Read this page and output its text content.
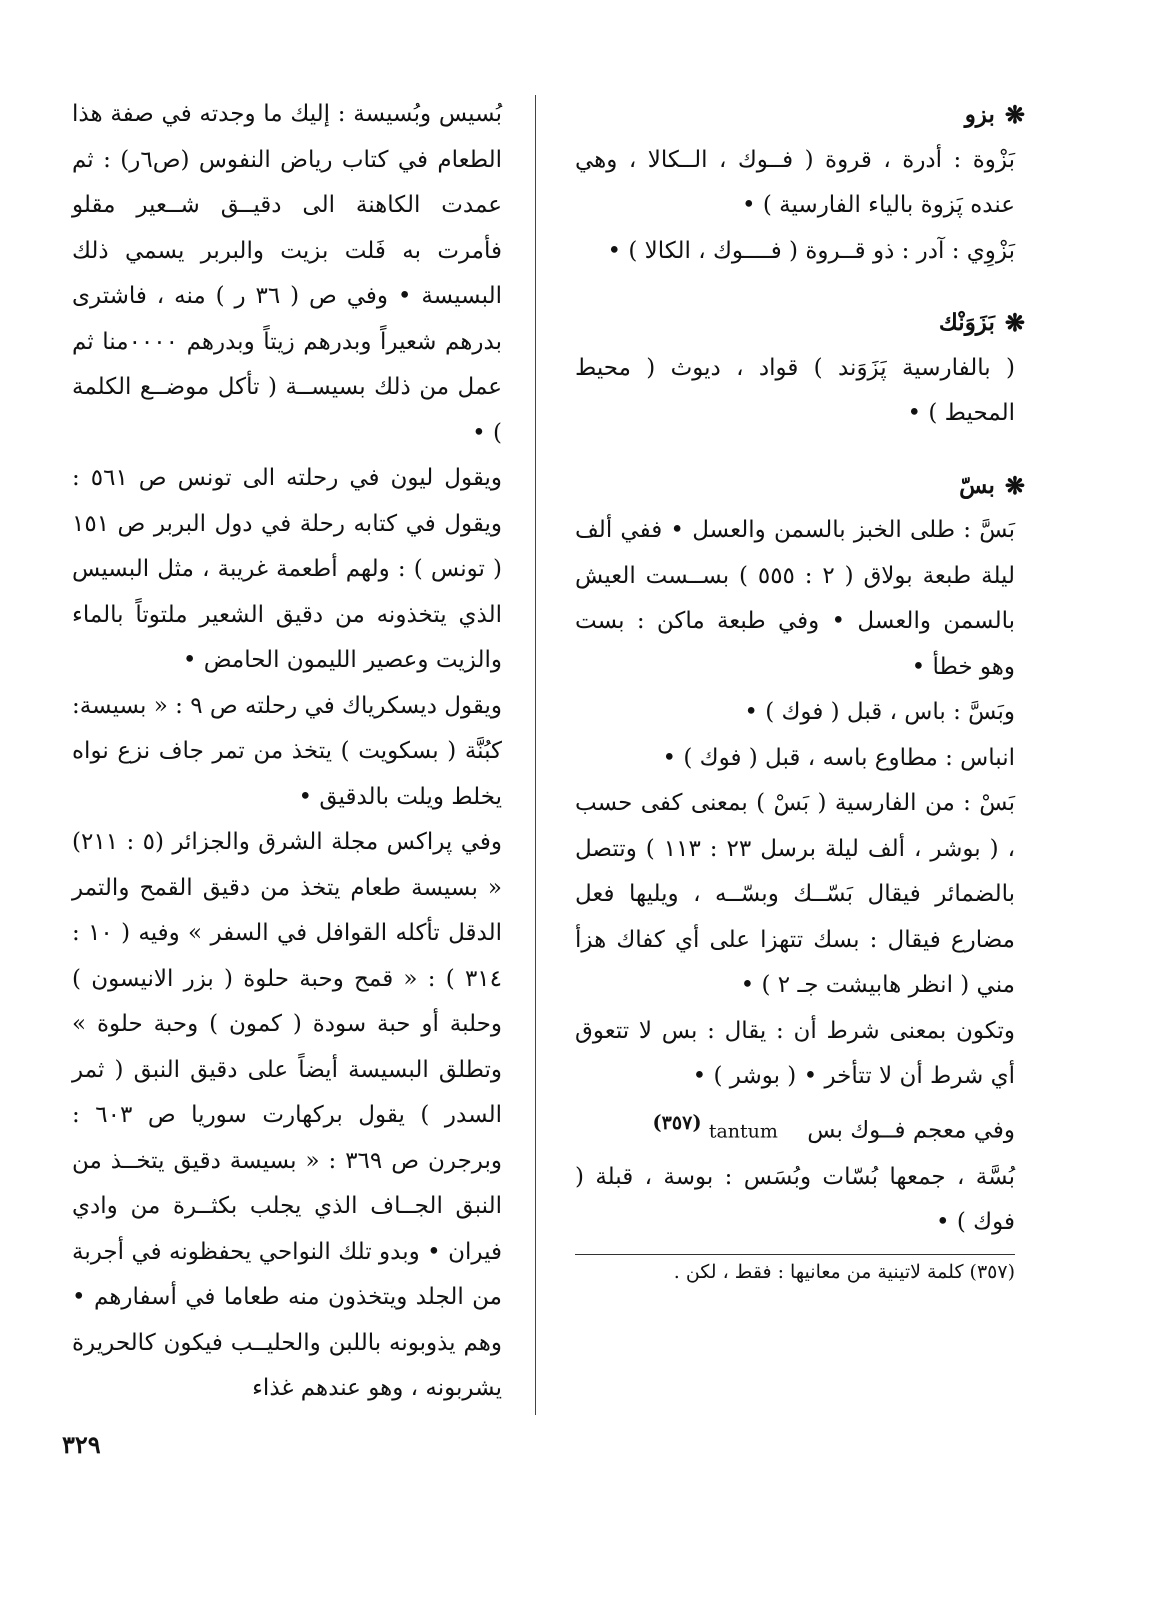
❋
بزو

بَزْوة : أدرة ، قروة ( فــوك ، الــكالا ، وهي عنده پَزوة بالياء الفارسية ) •

بَزْوِي : آدر : ذو قــروة ( فــــوك ، الكالا ) •

❋
بَزَوَنْك

( بالفارسية پَزَوَند ) قواد ، ديوث ( محيط المحيط ) •

❋
بسّ

بَسَّ : طلى الخبز بالسمن والعسل • ففي ألف ليلة طبعة بولاق ( ٢ : ٥٥٥ ) بســست العيش بالسمن والعسل • وفي طبعة ماكن : بست وهو خطأ •

وبَسَّ : باس ، قبل ( فوك ) •

انباس : مطاوع باسه ، قبل ( فوك ) •

بَسْ : من الفارسية ( بَسْ ) بمعنى كفى حسب ، ( بوشر ، ألف ليلة برسل ٢٣ : ١١٣ ) وتتصل بالضمائر فيقال بَسّــك وبسّــه ، ويليها فعل مضارع فيقال : بسك تتهزا على أي كفاك هزأ مني ( انظر هابيشت جـ ٢ ) •

وتكون بمعنى شرط أن : يقال : بس لا تتعوق أي شرط أن لا تتأخر • ( بوشر ) •

وفي معجم فــوك بس    tantum $^{(٣٥٧)}$
بُسَّة ، جمعها بُسّات وبُسَس : بوسة ، قبلة ( فوك ) •

(٣٥٧) كلمة لاتينية من معانيها : فقط ، لكن .

بُسيس وبُسيسة : إليك ما وجدته في صفة هذا الطعام في كتاب رياض النفوس (ص٦ر) : ثم عمدت الكاهنة الى دقيــق شــعير مقلو فأمرت به فَلت بزيت والبربر يسمي ذلك البسيسة • وفي ص ( ٣٦ ر ) منه ، فاشترى بدرهم شعيراً وبدرهم زيتاً وبدرهم ٠٠٠٠منا ثم عمل من ذلك بسيســة ( تأكل موضــع الكلمة ) •

ويقول ليون في رحلته الى تونس ص ٥٦١ : ويقول في كتابه رحلة في دول البربر ص ١٥١ ( تونس ) : ولهم أطعمة غريبة ، مثل البسيس الذي يتخذونه من دقيق الشعير ملتوتاً بالماء والزيت وعصير الليمون الحامض •

ويقول ديسكرياك في رحلته ص ٩ : « بسيسة: كبُنَّة ( بسكويت ) يتخذ من تمر جاف نزع نواه يخلط ويلت بالدقيق •

وفي پراكس مجلة الشرق والجزائر (٥ : ٢١١) « بسيسة طعام يتخذ من دقيق القمح والتمر الدقل تأكله القوافل في السفر » وفيه ( ١٠ : ٣١٤ ) : « قمح وحبة حلوة ( بزر الانيسون ) وحلبة أو حبة سودة ( كمون ) وحبة حلوة » وتطلق البسيسة أيضاً على دقيق النبق ( ثمر السدر ) يقول بركهارت سوريا ص ٦٠٣ : وبرجرن ص ٣٦٩ : « بسيسة دقيق يتخــذ من النبق الجــاف الذي يجلب بكثــرة من وادي فيران • وبدو تلك النواحي يحفظونه في أجربة من الجلد ويتخذون منه طعاما في أسفارهم • وهم يذوبونه باللبن والحليــب فيكون كالحريرة يشربونه ، وهو عندهم غذاء

٣٢٩
